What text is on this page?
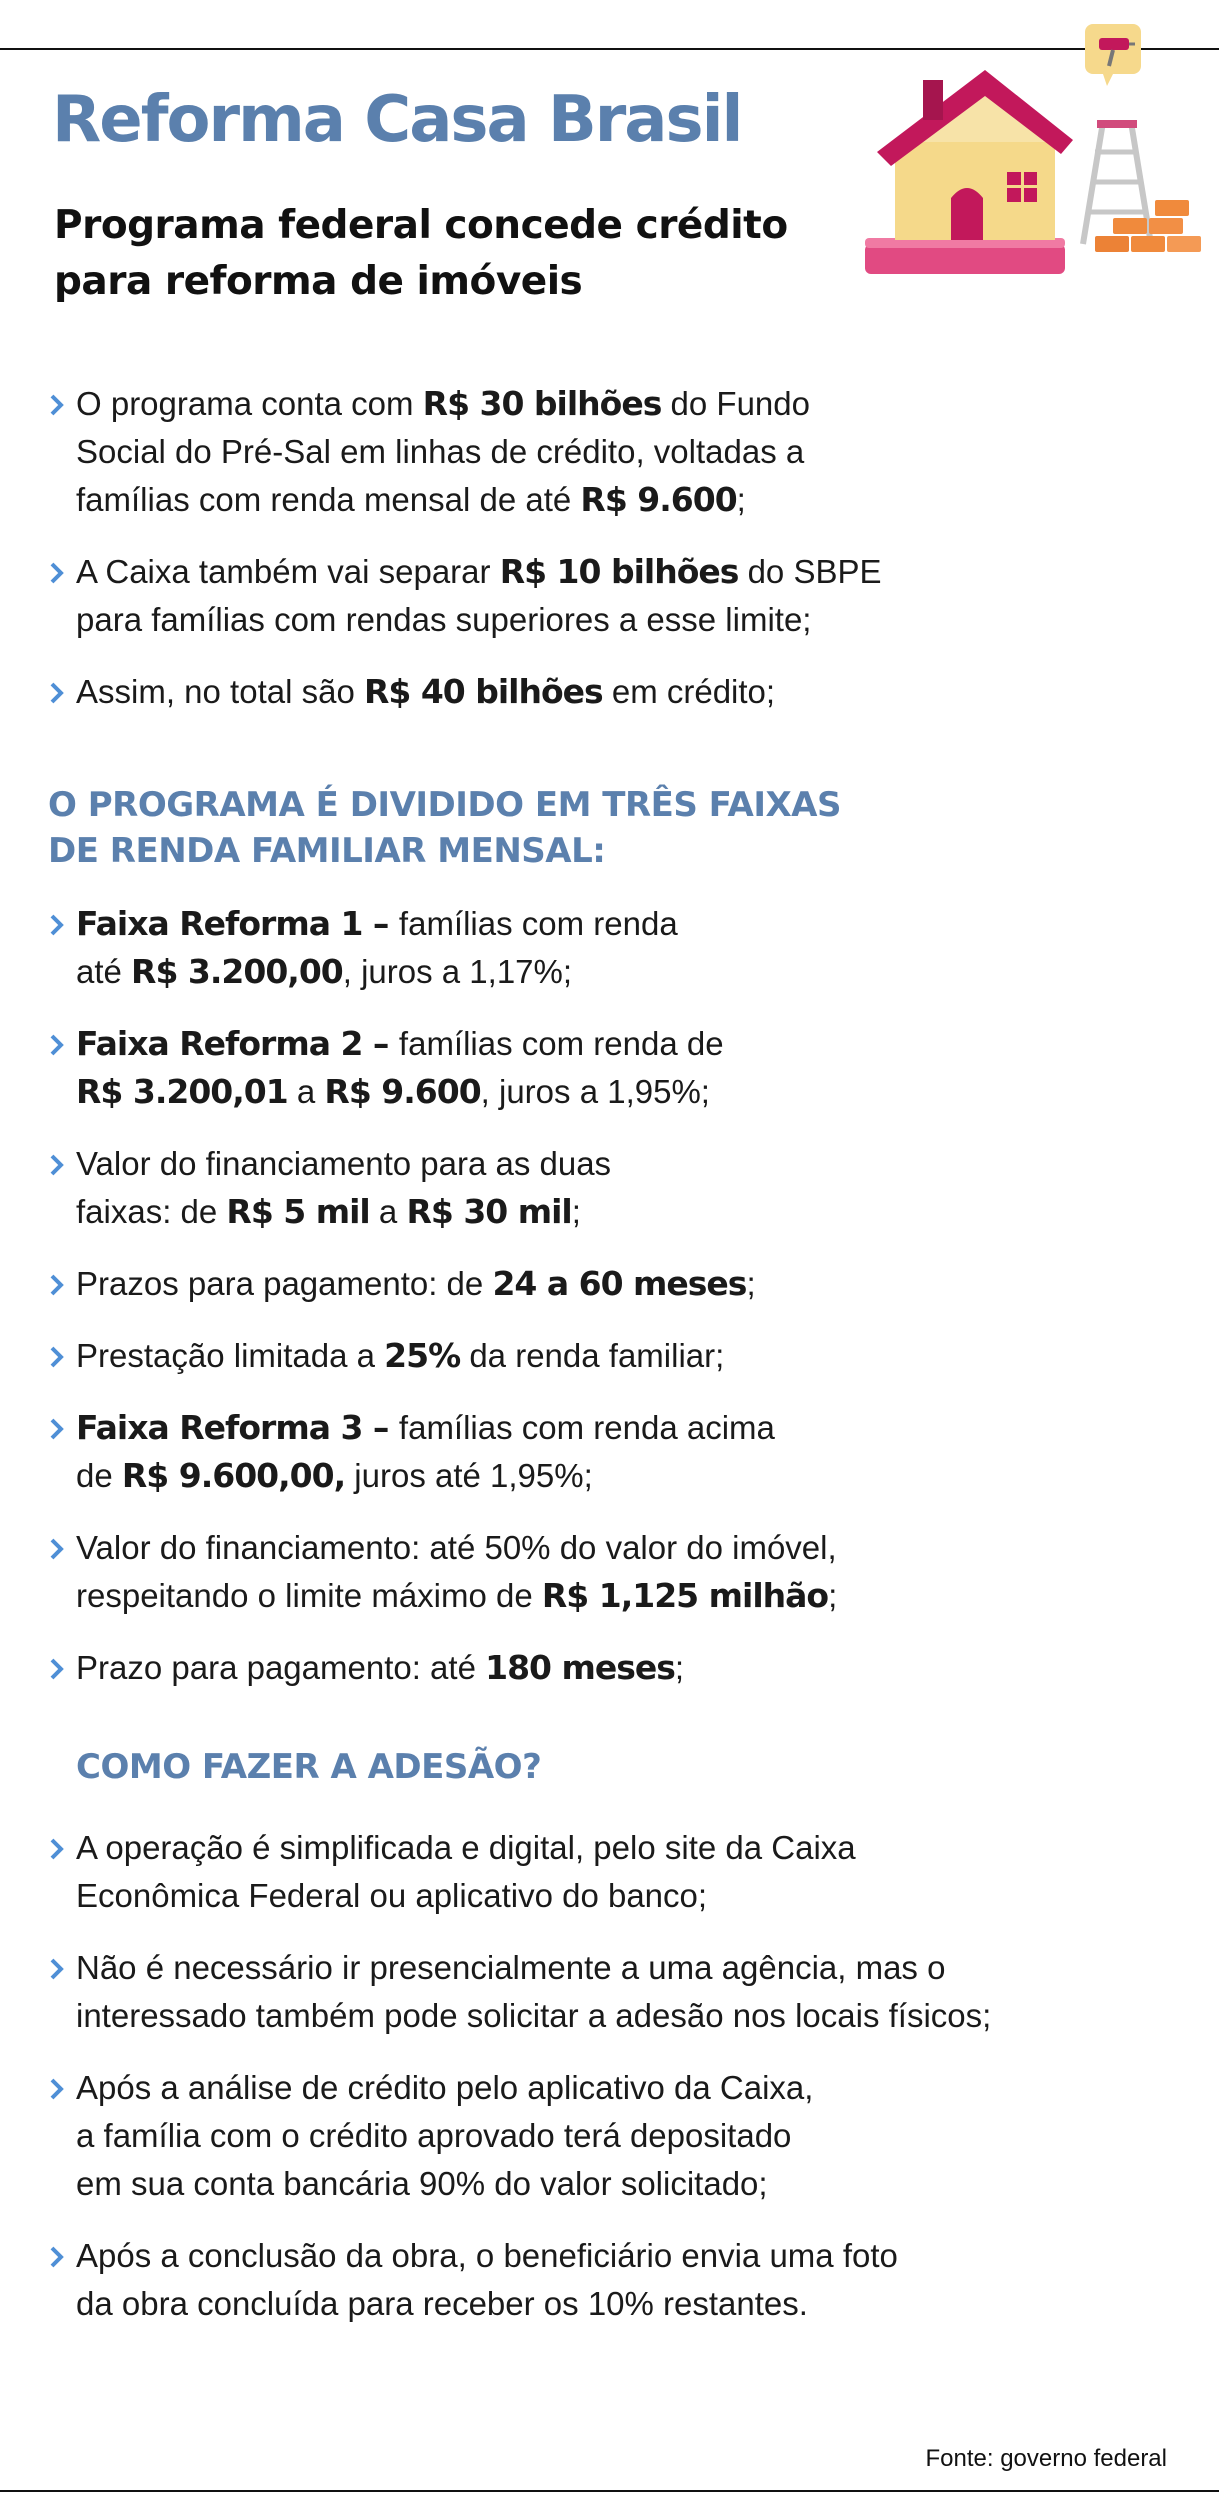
Reforma Casa Brasil
Programa federal concede crédito
para reforma de imóveis
O programa conta com R$ 30 bilhões do Fundo
Social do Pré-Sal em linhas de crédito, voltadas a
famílias com renda mensal de até R$ 9.600;
A Caixa também vai separar R$ 10 bilhões do SBPE
para famílias com rendas superiores a esse limite;
Assim, no total são R$ 40 bilhões em crédito;
O PROGRAMA É DIVIDIDO EM TRÊS FAIXAS
DE RENDA FAMILIAR MENSAL:
Faixa Reforma 1 – famílias com renda
até R$ 3.200,00, juros a 1,17%;
Faixa Reforma 2 – famílias com renda de
R$ 3.200,01 a R$ 9.600, juros a 1,95%;
Valor do financiamento para as duas
faixas: de R$ 5 mil a R$ 30 mil;
Prazos para pagamento: de 24 a 60 meses;
Prestação limitada a 25% da renda familiar;
Faixa Reforma 3 – famílias com renda acima
de R$ 9.600,00, juros até 1,95%;
Valor do financiamento: até 50% do valor do imóvel,
respeitando o limite máximo de R$ 1,125 milhão;
Prazo para pagamento: até 180 meses;
COMO FAZER A ADESÃO?
A operação é simplificada e digital, pelo site da Caixa
Econômica Federal ou aplicativo do banco;
Não é necessário ir presencialmente a uma agência, mas o
interessado também pode solicitar a adesão nos locais físicos;
Após a análise de crédito pelo aplicativo da Caixa,
a família com o crédito aprovado terá depositado
em sua conta bancária 90% do valor solicitado;
Após a conclusão da obra, o beneficiário envia uma foto
da obra concluída para receber os 10% restantes.
Fonte: governo federal
